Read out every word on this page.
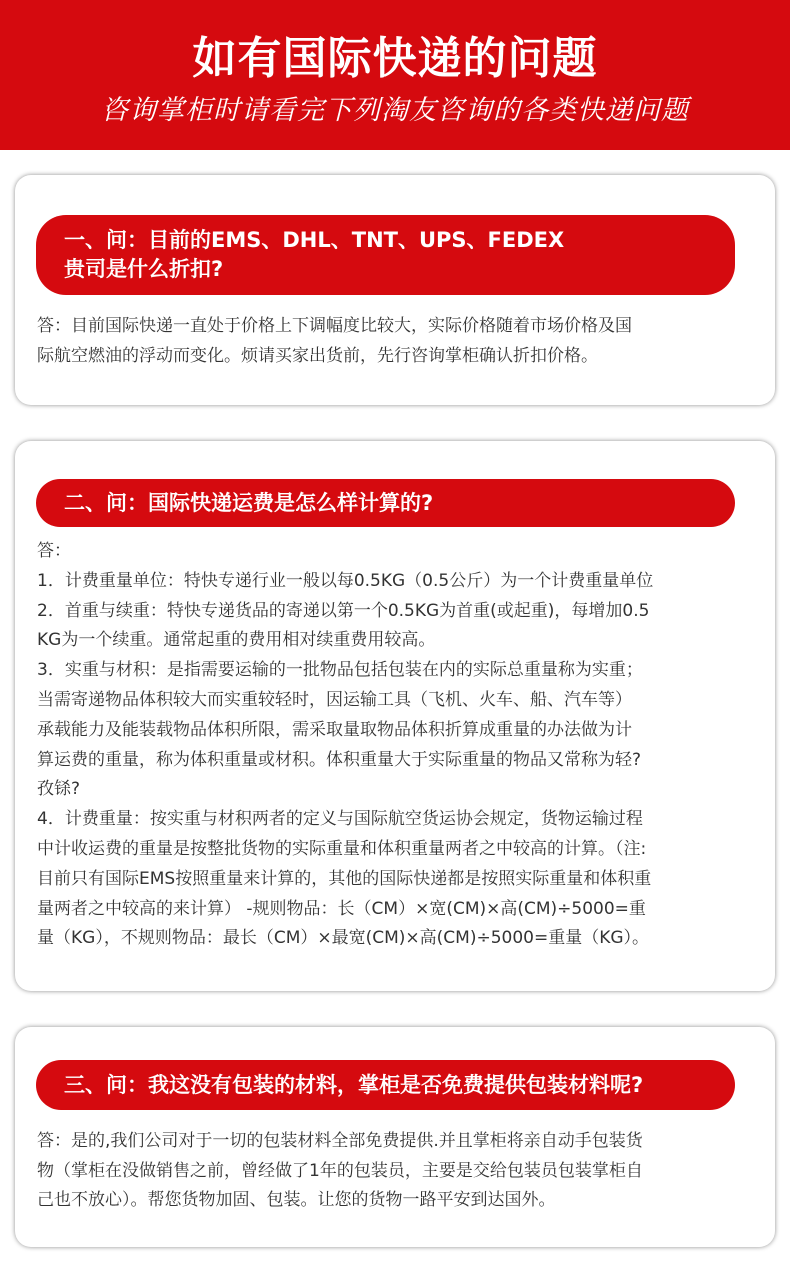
如有国际快递的问题
咨询掌柜时请看完下列淘友咨询的各类快递问题
一、问：目前的EMS、DHL、TNT、UPS、FEDEX
贵司是什么折扣?

答：目前国际快递一直处于价格上下调幅度比较大，实际价格随着市场价格及国

际航空燃油的浮动而变化。烦请买家出货前，先行咨询掌柜确认折扣价格。

二、问：国际快递运费是怎么样计算的?

答：

1．计费重量单位：特快专递行业一般以每0.5KG（0.5公斤）为一个计费重量单位

2．首重与续重：特快专递货品的寄递以第一个0.5KG为首重(或起重)，每增加0.5

KG为一个续重。通常起重的费用相对续重费用较高。

3．实重与材积：是指需要运输的一批物品包括包装在内的实际总重量称为实重；

当需寄递物品体积较大而实重较轻时，因运输工具（飞机、火车、船、汽车等）

承载能力及能装载物品体积所限，需采取量取物品体积折算成重量的办法做为计

算运费的重量，称为体积重量或材积。体积重量大于实际重量的物品又常称为轻?

孜铩?

4．计费重量：按实重与材积两者的定义与国际航空货运协会规定，货物运输过程

中计收运费的重量是按整批货物的实际重量和体积重量两者之中较高的计算。（注:

目前只有国际EMS按照重量来计算的，其他的国际快递都是按照实际重量和体积重

量两者之中较高的来计算） -规则物品：长（CM）×宽(CM)×高(CM)÷5000=重

量（KG），不规则物品：最长（CM）×最宽(CM)×高(CM)÷5000=重量（KG）。

三、问：我这没有包装的材料，掌柜是否免费提供包装材料呢?

答：是的,我们公司对于一切的包装材料全部免费提供.并且掌柜将亲自动手包装货

物（掌柜在没做销售之前，曾经做了1年的包装员，主要是交给包装员包装掌柜自

己也不放心）。帮您货物加固、包装。让您的货物一路平安到达国外。
